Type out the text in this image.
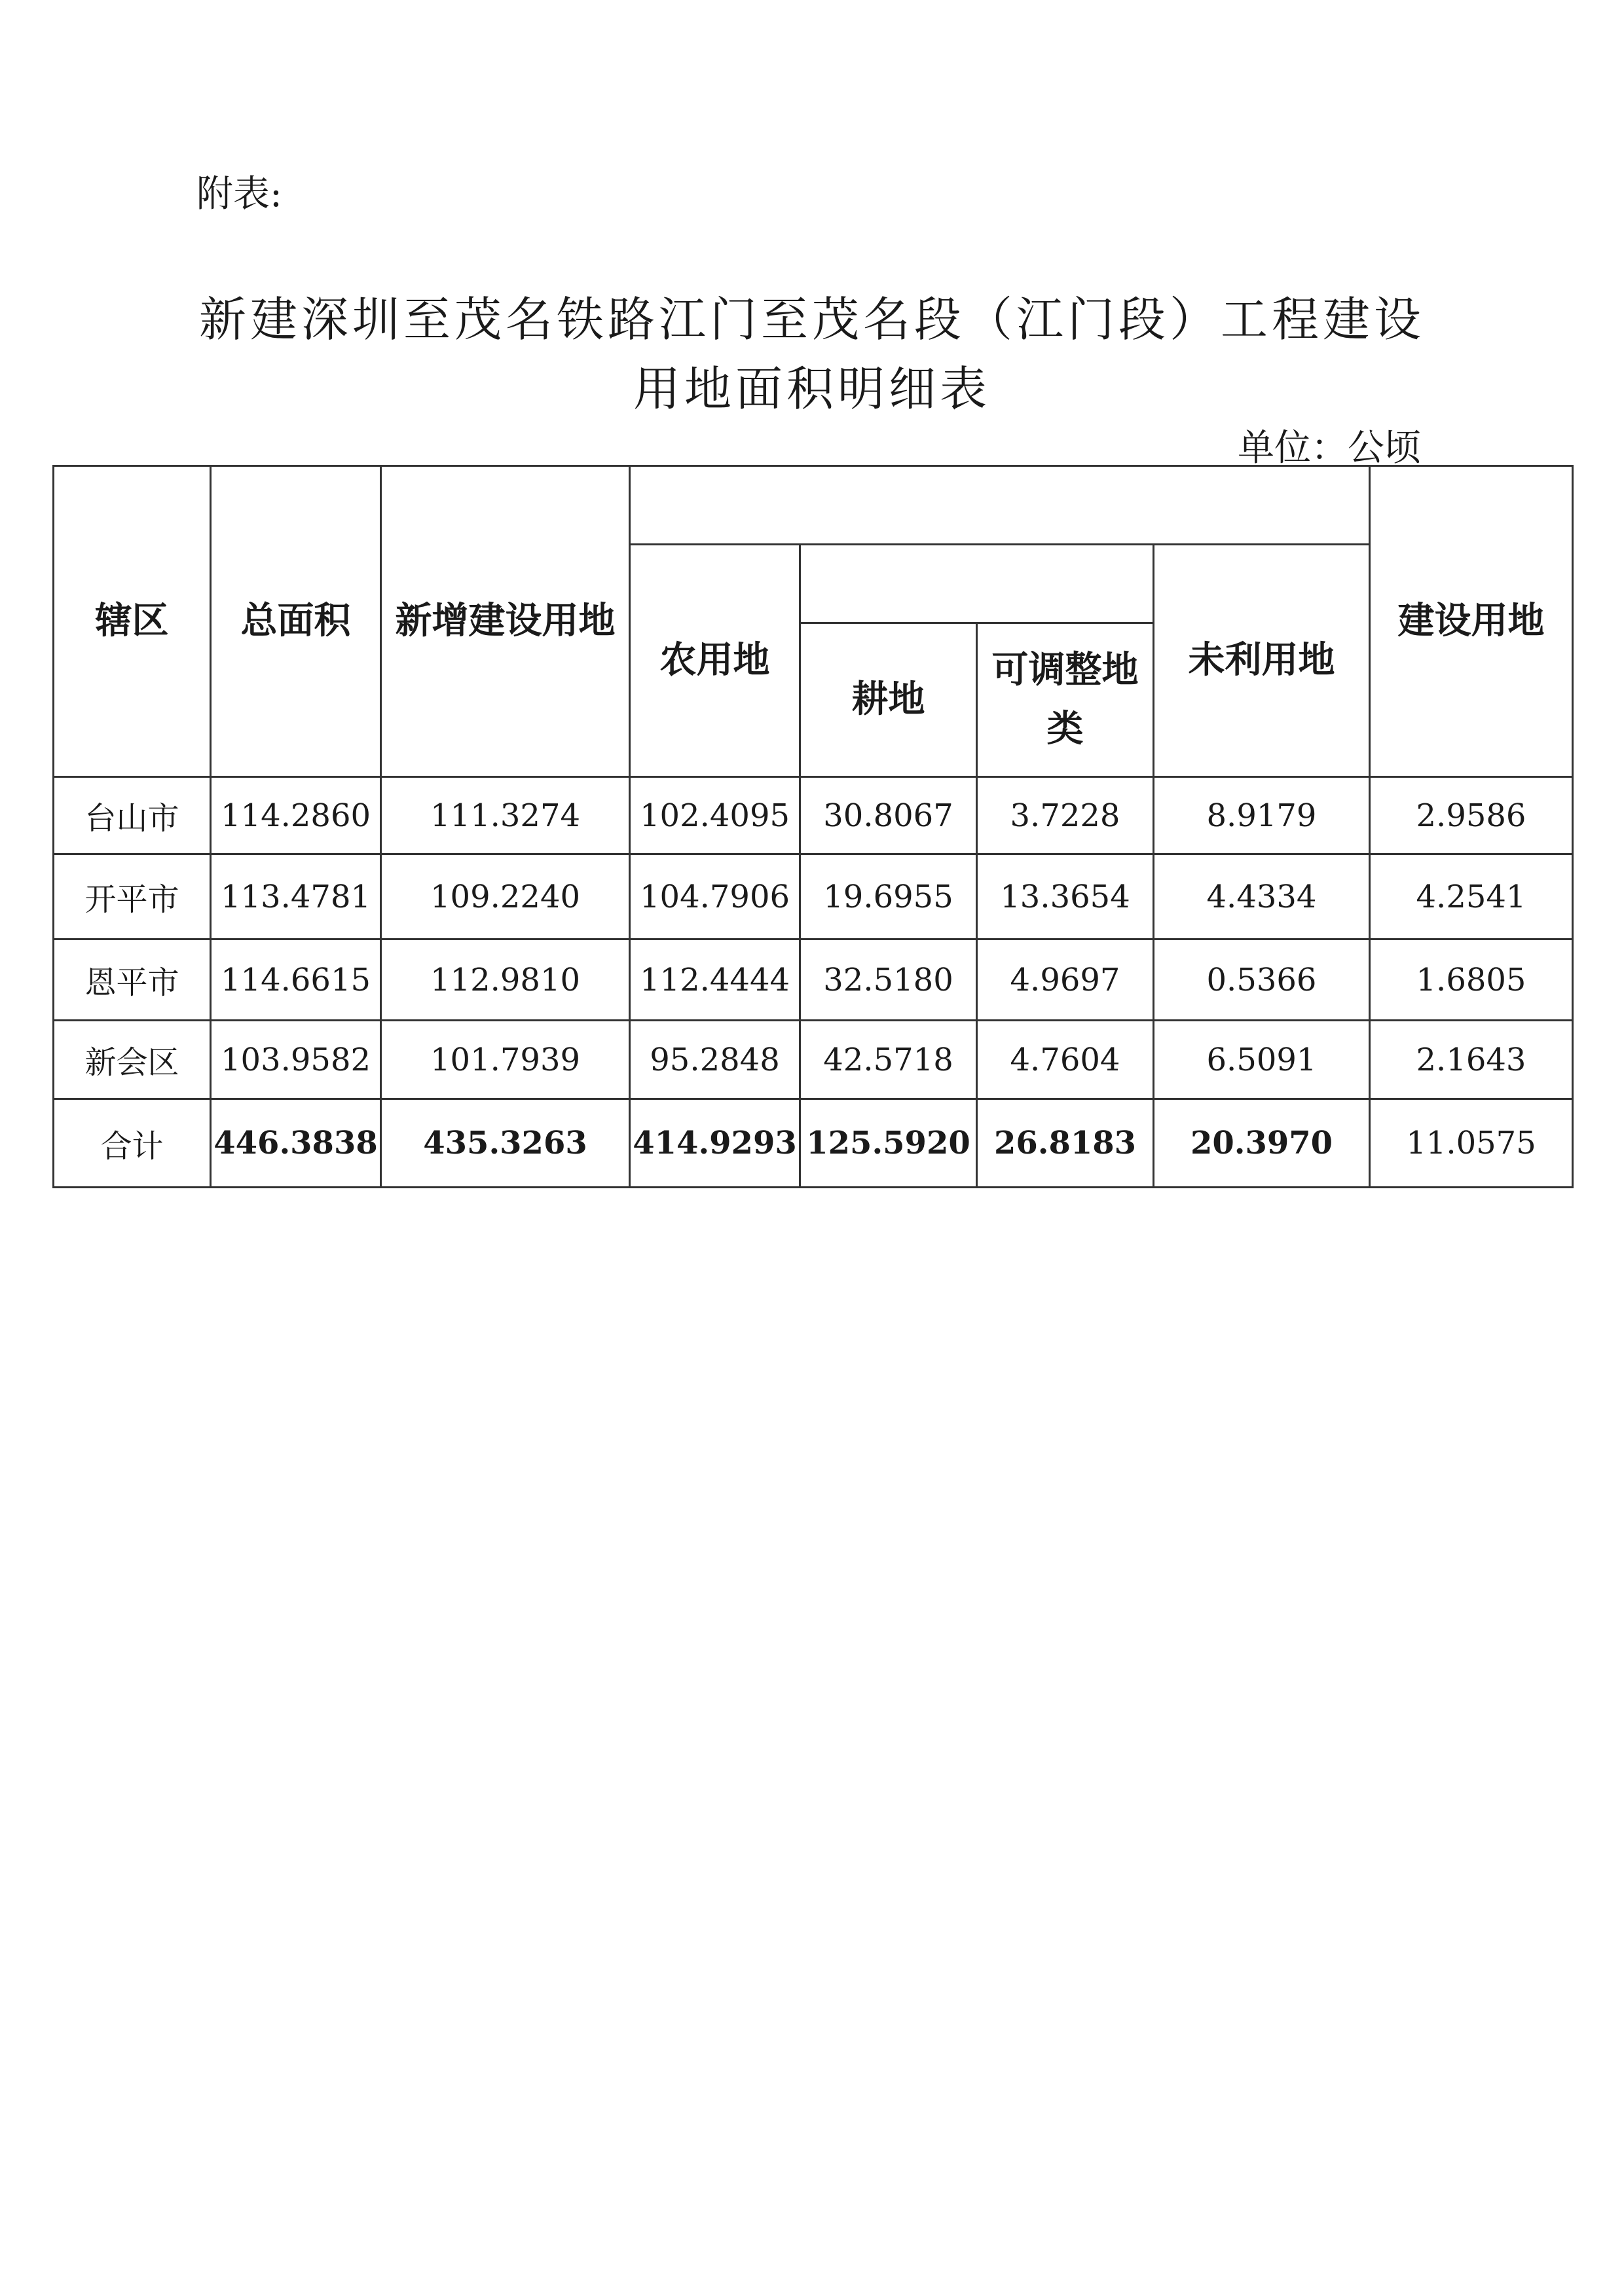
附表:
新建深圳至茂名铁路江门至茂名段（江门段）工程建设
用地面积明细表
单位：公顷
辖区	总面积	新增建设用地					建设用地
			农用地			未利用地	
				耕地	可调整地类		
台山市	114.2860	111.3274	102.4095	30.8067	3.7228	8.9179	2.9586
开平市	113.4781	109.2240	104.7906	19.6955	13.3654	4.4334	4.2541
恩平市	114.6615	112.9810	112.4444	32.5180	4.9697	0.5366	1.6805
新会区	103.9582	101.7939	95.2848	42.5718	4.7604	6.5091	2.1643
合计	446.3838	435.3263	414.9293	125.5920	26.8183	20.3970	11.0575
